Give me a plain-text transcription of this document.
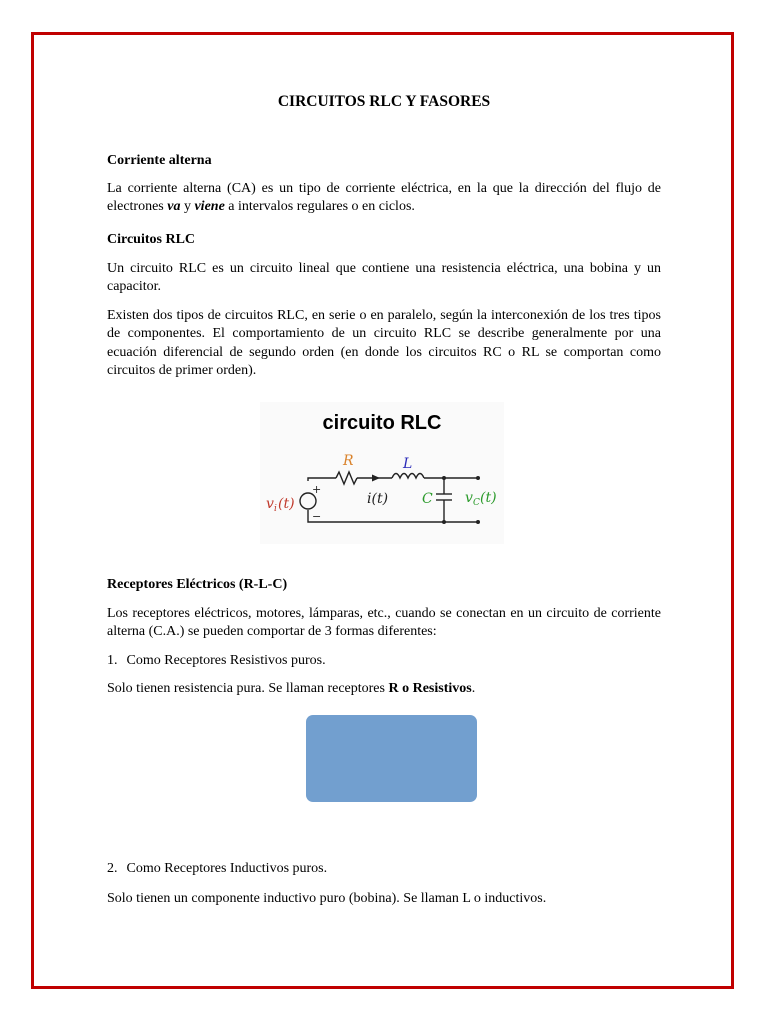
CIRCUITOS RLC Y FASORES

Corriente alterna

La corriente alterna (CA) es un tipo de corriente eléctrica, en la que la dirección del flujo de electrones va y viene a intervalos regulares o en ciclos.

Circuitos RLC

Un circuito RLC es un circuito lineal que contiene una resistencia eléctrica, una bobina y un capacitor.

Existen dos tipos de circuitos RLC, en serie o en paralelo, según la interconexión de los tres tipos de componentes. El comportamiento de un circuito RLC se describe generalmente por una ecuación diferencial de segundo orden (en donde los circuitos RC o RL se comportan como circuitos de primer orden).

circuito RLC
R	L
C
i(t)
+
−
v i (t)	v C (t)

Receptores Eléctricos (R-L-C)

Los receptores eléctricos, motores, lámparas, etc., cuando se conectan en un circuito de corriente alterna (C.A.) se pueden comportar de 3 formas diferentes:

1. Como Receptores Resistivos puros.

Solo tienen resistencia pura. Se llaman receptores R o Resistivos.

2. Como Receptores Inductivos puros.

Solo tienen un componente inductivo puro (bobina). Se llaman L o inductivos.
